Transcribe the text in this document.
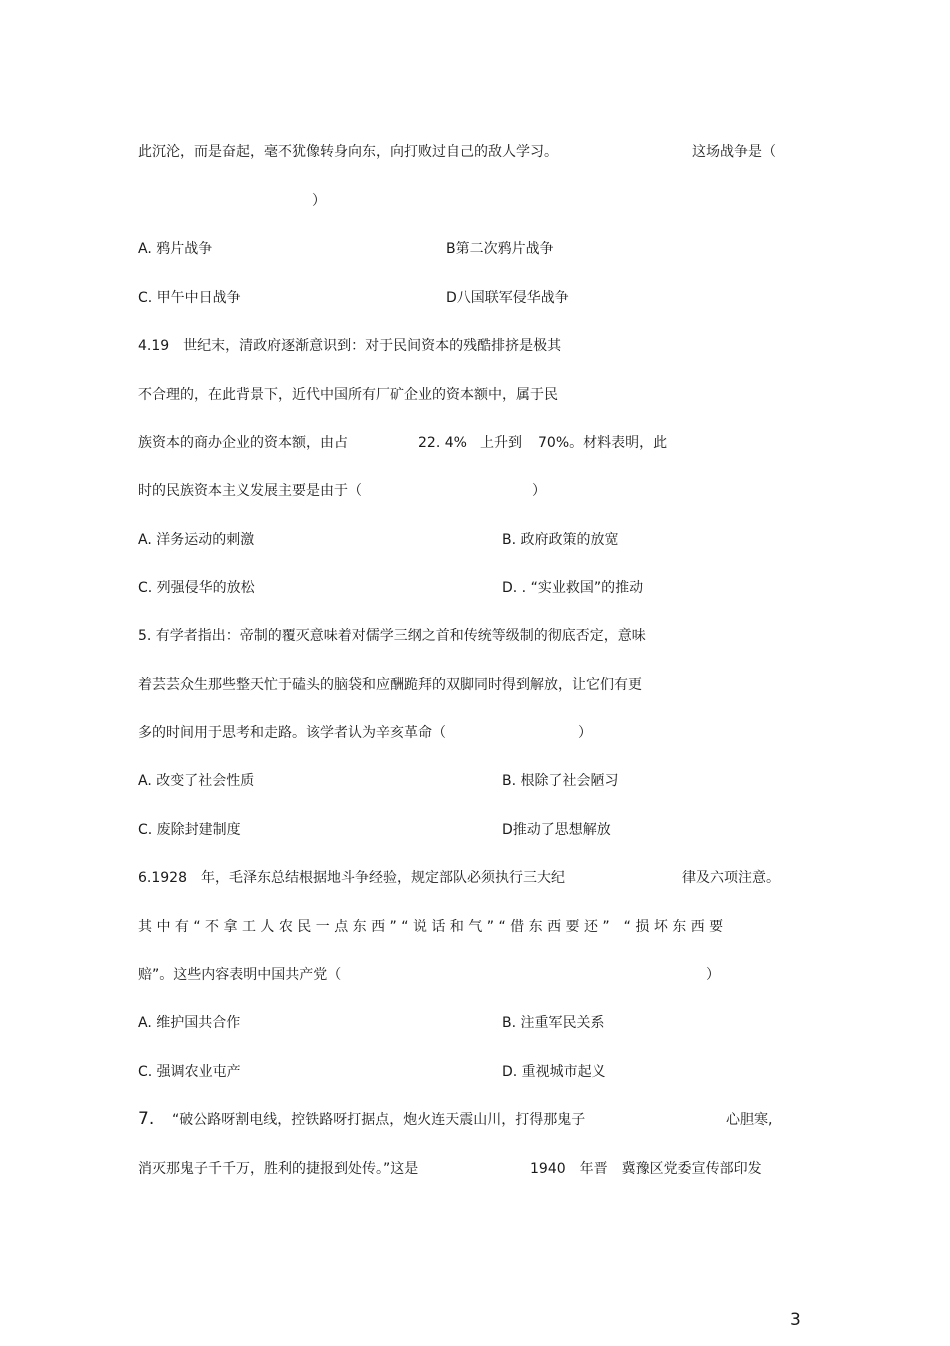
此沉沦，而是奋起，毫不犹像转身向东，向打败过自己的敌人学习。	这场战争是（
）
A. 鸦片战争	B第二次鸦片战争
C. 甲午中日战争	D八国联军侵华战争
4.19　世纪末，清政府逐渐意识到：对于民间资本的残酷排挤是极其
不合理的，在此背景下，近代中国所有厂矿企业的资本额中，属于民
族资本的商办企业的资本额，由占	22. 4% 上升到 70%。材料表明，此
时的民族资本主义发展主要是由于（	）
A. 洋务运动的刺激	B. 政府政策的放宽
C. 列强侵华的放松	D. . “实业救国”的推动
5. 有学者指出：帝制的覆灭意味着对儒学三纲之首和传统等级制的彻底否定，意味
着芸芸众生那些整天忙于磕头的脑袋和应酬跪拜的双脚同时得到解放，让它们有更
多的时间用于思考和走路。该学者认为辛亥革命（	）
A. 改变了社会性质	B. 根除了社会陋习
C. 废除封建制度	D推动了思想解放
6.1928　年，毛泽东总结根据地斗争经验，规定部队必须执行三大纪	律及六项注意。
其 中 有 “ 不 拿 工 人 农 民 一 点 东 西 ” “ 说 话 和 气 ” “ 借 东 西 要 还 ”　“ 损 坏 东 西 要
赔”。这些内容表明中国共产党（	）
A. 维护国共合作	B. 注重军民关系
C. 强调农业屯产	D. 重视城市起义
7. “破公路呀割电线，控铁路呀打据点，炮火连天震山川，打得那鬼子	心胆寒,
消灭那鬼子千千万，胜利的捷报到处传。”这是	1940　年晋　冀豫区党委宣传部印发
3
